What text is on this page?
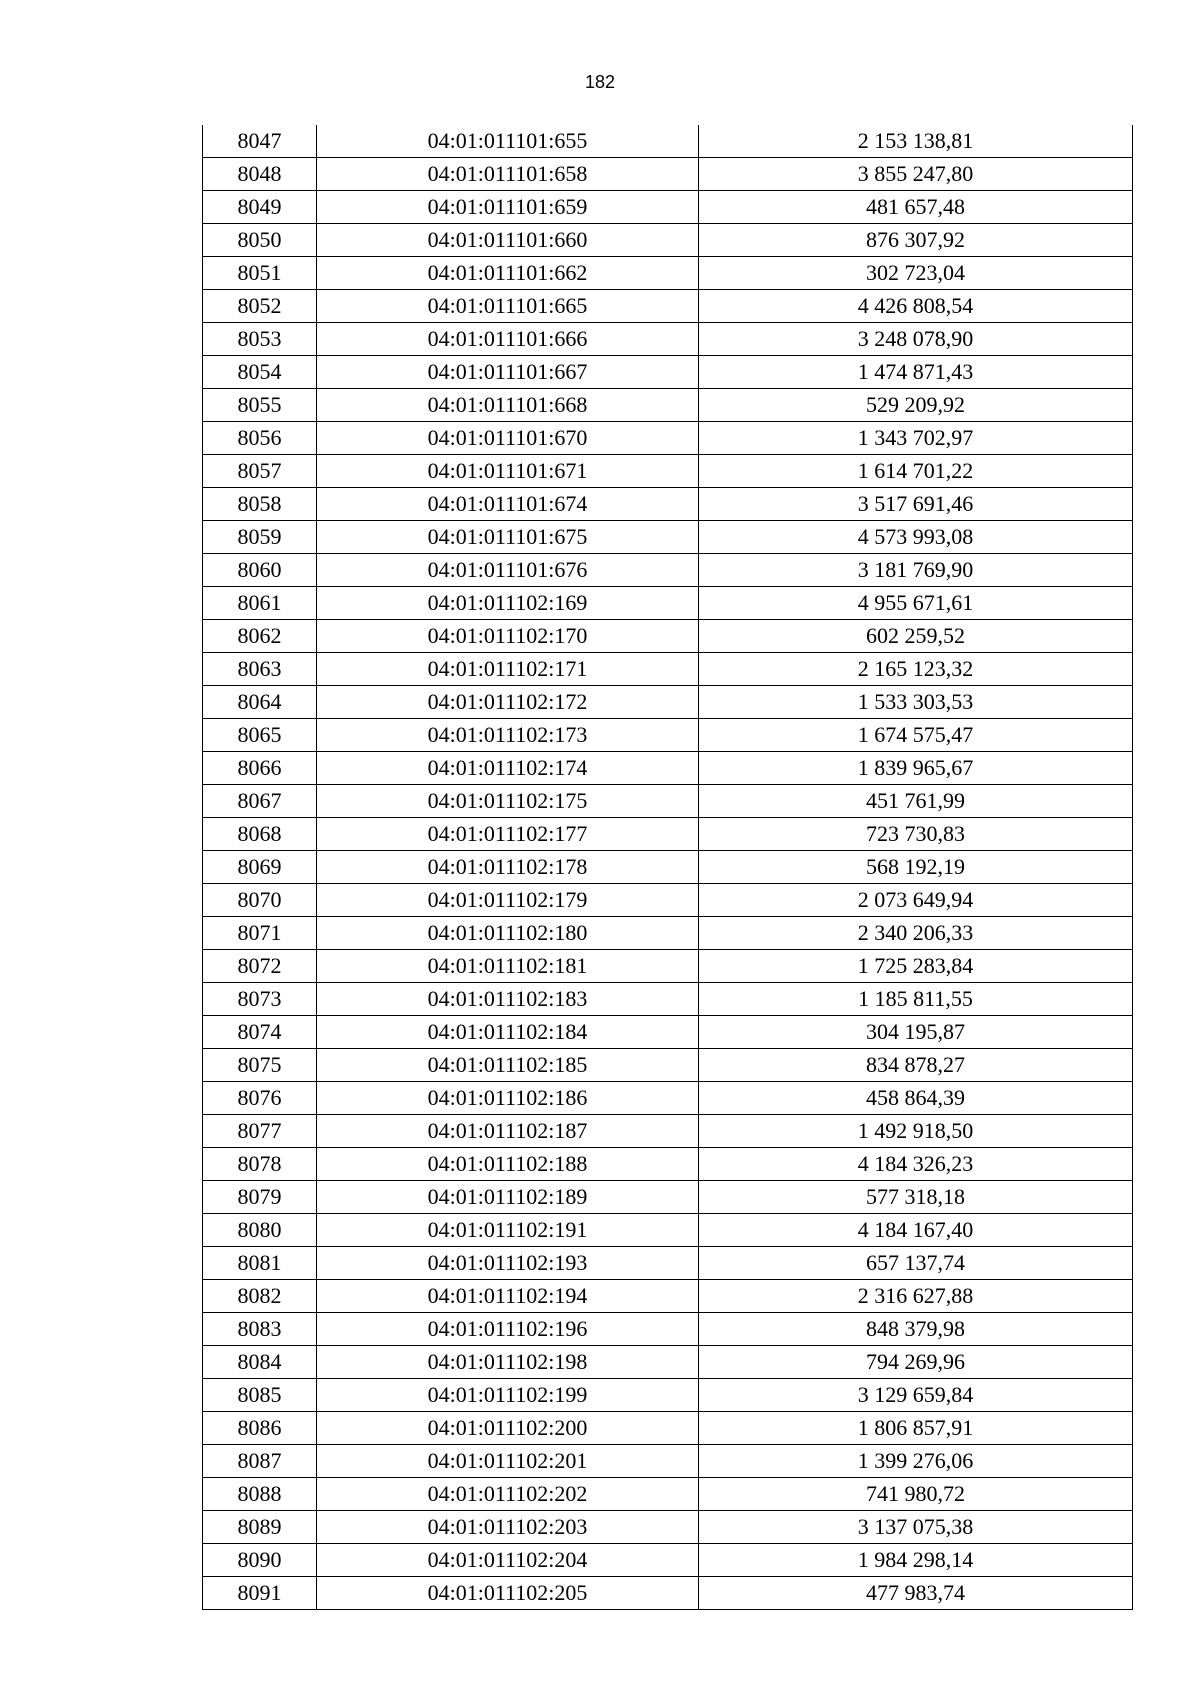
182
8047	04:01:011101:655	2 153 138,81
8048	04:01:011101:658	3 855 247,80
8049	04:01:011101:659	481 657,48
8050	04:01:011101:660	876 307,92
8051	04:01:011101:662	302 723,04
8052	04:01:011101:665	4 426 808,54
8053	04:01:011101:666	3 248 078,90
8054	04:01:011101:667	1 474 871,43
8055	04:01:011101:668	529 209,92
8056	04:01:011101:670	1 343 702,97
8057	04:01:011101:671	1 614 701,22
8058	04:01:011101:674	3 517 691,46
8059	04:01:011101:675	4 573 993,08
8060	04:01:011101:676	3 181 769,90
8061	04:01:011102:169	4 955 671,61
8062	04:01:011102:170	602 259,52
8063	04:01:011102:171	2 165 123,32
8064	04:01:011102:172	1 533 303,53
8065	04:01:011102:173	1 674 575,47
8066	04:01:011102:174	1 839 965,67
8067	04:01:011102:175	451 761,99
8068	04:01:011102:177	723 730,83
8069	04:01:011102:178	568 192,19
8070	04:01:011102:179	2 073 649,94
8071	04:01:011102:180	2 340 206,33
8072	04:01:011102:181	1 725 283,84
8073	04:01:011102:183	1 185 811,55
8074	04:01:011102:184	304 195,87
8075	04:01:011102:185	834 878,27
8076	04:01:011102:186	458 864,39
8077	04:01:011102:187	1 492 918,50
8078	04:01:011102:188	4 184 326,23
8079	04:01:011102:189	577 318,18
8080	04:01:011102:191	4 184 167,40
8081	04:01:011102:193	657 137,74
8082	04:01:011102:194	2 316 627,88
8083	04:01:011102:196	848 379,98
8084	04:01:011102:198	794 269,96
8085	04:01:011102:199	3 129 659,84
8086	04:01:011102:200	1 806 857,91
8087	04:01:011102:201	1 399 276,06
8088	04:01:011102:202	741 980,72
8089	04:01:011102:203	3 137 075,38
8090	04:01:011102:204	1 984 298,14
8091	04:01:011102:205	477 983,74
